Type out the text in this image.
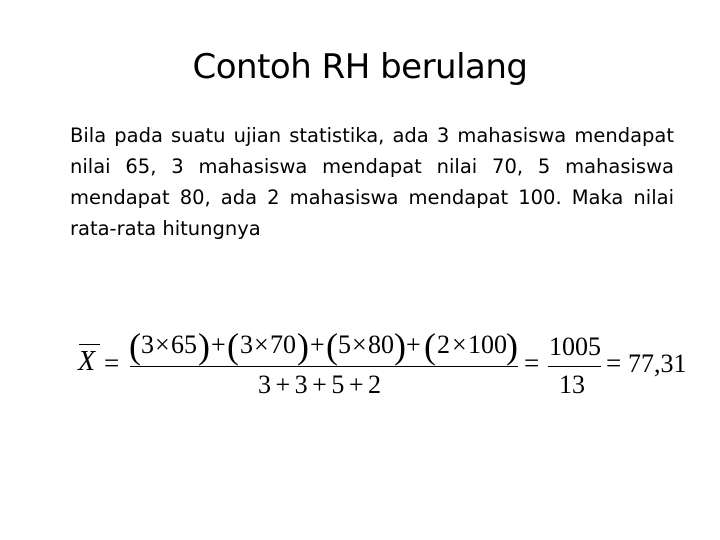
Contoh RH berulang
Bila pada suatu ujian statistika, ada 3 mahasiswa mendapat nilai 65, 3 mahasiswa mendapat nilai 70, 5 mahasiswa mendapat 80, ada 2 mahasiswa mendapat 100. Maka nilai rata-rata hitungnya
X = ( 3 × 65 ) + ( 3 × 70 ) + ( 5 × 80 ) + ( 2 × 100 )
3 + 3 + 5 + 2
=
1005
13
= 77,31
